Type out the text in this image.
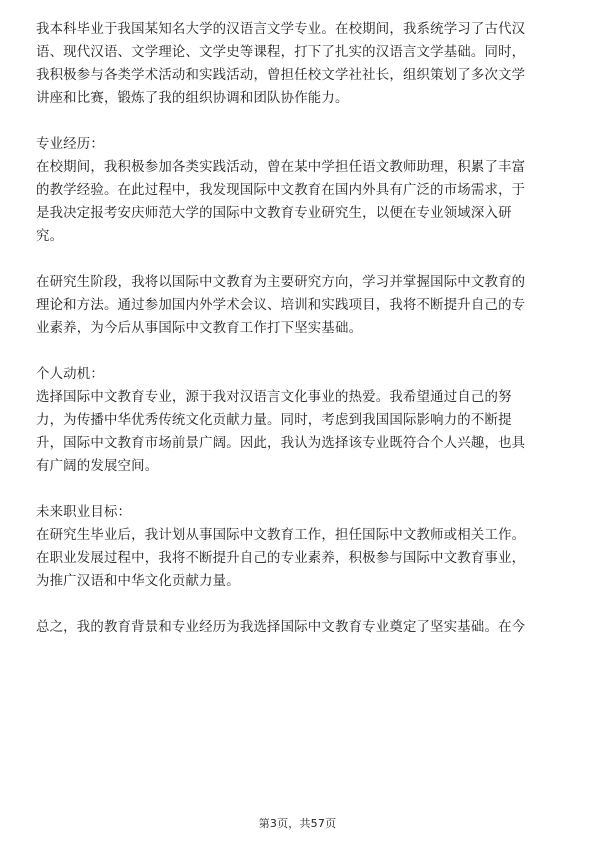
我本科毕业于我国某知名大学的汉语言文学专业。在校期间，我系统学习了古代汉
语、现代汉语、文学理论、文学史等课程，打下了扎实的汉语言文学基础。同时，
我积极参与各类学术活动和实践活动，曾担任校文学社社长，组织策划了多次文学
讲座和比赛，锻炼了我的组织协调和团队协作能力。
专业经历：
在校期间，我积极参加各类实践活动，曾在某中学担任语文教师助理，积累了丰富
的教学经验。在此过程中，我发现国际中文教育在国内外具有广泛的市场需求，于
是我决定报考安庆师范大学的国际中文教育专业研究生，以便在专业领域深入研
究。
在研究生阶段，我将以国际中文教育为主要研究方向，学习并掌握国际中文教育的
理论和方法。通过参加国内外学术会议、培训和实践项目，我将不断提升自己的专
业素养，为今后从事国际中文教育工作打下坚实基础。
个人动机：
选择国际中文教育专业，源于我对汉语言文化事业的热爱。我希望通过自己的努
力，为传播中华优秀传统文化贡献力量。同时，考虑到我国国际影响力的不断提
升，国际中文教育市场前景广阔。因此，我认为选择该专业既符合个人兴趣，也具
有广阔的发展空间。
未来职业目标：
在研究生毕业后，我计划从事国际中文教育工作，担任国际中文教师或相关工作。
在职业发展过程中，我将不断提升自己的专业素养，积极参与国际中文教育事业，
为推广汉语和中华文化贡献力量。
总之，我的教育背景和专业经历为我选择国际中文教育专业奠定了坚实基础。在今
第3页，共57页
